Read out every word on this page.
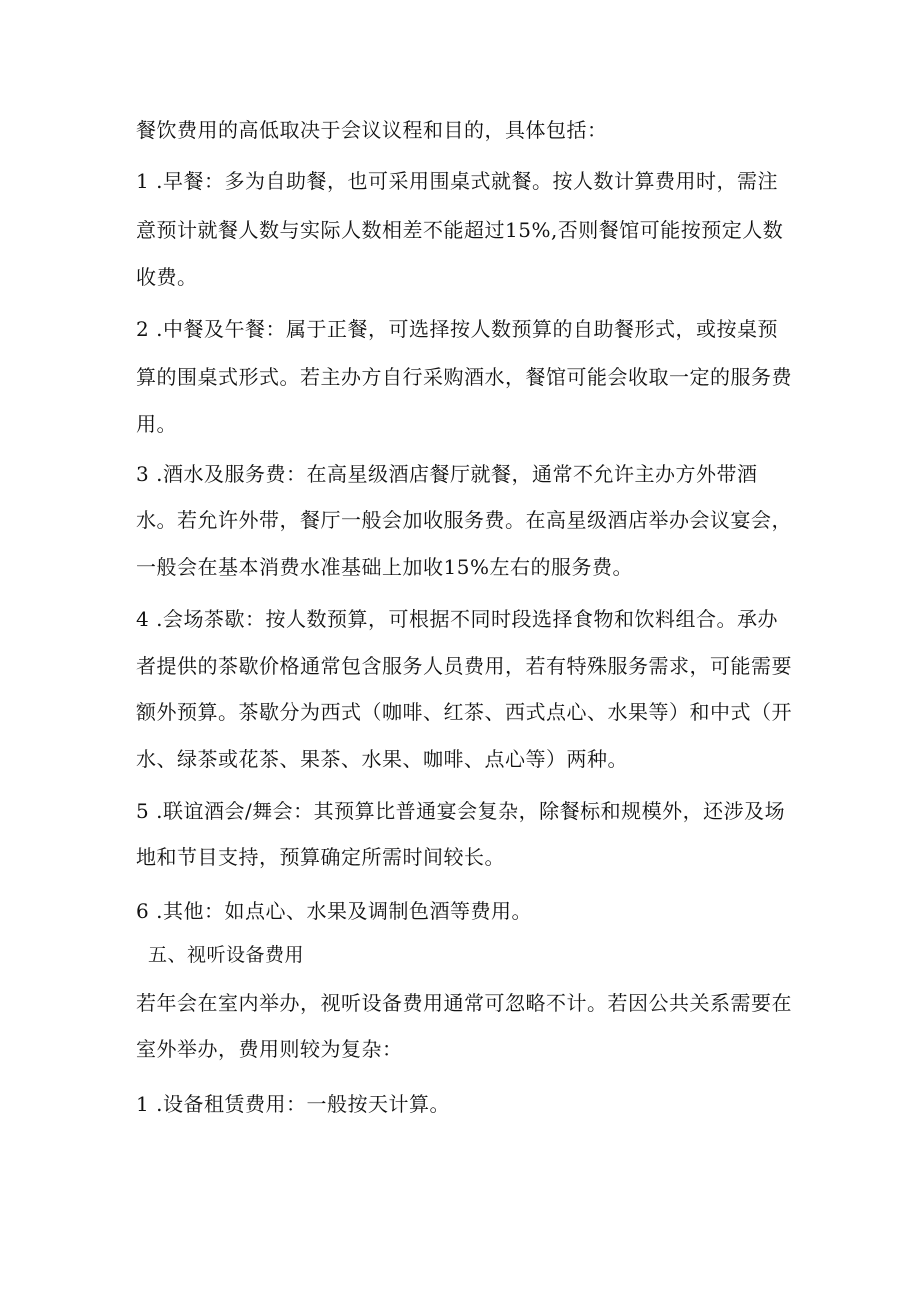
餐饮费用的高低取决于会议议程和目的，具体包括：
1 .早餐：多为自助餐，也可采用围桌式就餐。按人数计算费用时，需注
意预计就餐人数与实际人数相差不能超过15%,否则餐馆可能按预定人数
收费。
2 .中餐及午餐：属于正餐，可选择按人数预算的自助餐形式，或按桌预
算的围桌式形式。若主办方自行采购酒水，餐馆可能会收取一定的服务费
用。
3 .酒水及服务费：在高星级酒店餐厅就餐，通常不允许主办方外带酒
水。若允许外带，餐厅一般会加收服务费。在高星级酒店举办会议宴会，
一般会在基本消费水准基础上加收15%左右的服务费。
4 .会场茶歇：按人数预算，可根据不同时段选择食物和饮料组合。承办
者提供的茶歇价格通常包含服务人员费用，若有特殊服务需求，可能需要
额外预算。茶歇分为西式（咖啡、红茶、西式点心、水果等）和中式（开
水、绿茶或花茶、果茶、水果、咖啡、点心等）两种。
5 .联谊酒会/舞会：其预算比普通宴会复杂，除餐标和规模外，还涉及场
地和节目支持，预算确定所需时间较长。
6 .其他：如点心、水果及调制色酒等费用。
五、视听设备费用
若年会在室内举办，视听设备费用通常可忽略不计。若因公共关系需要在
室外举办，费用则较为复杂：
1 .设备租赁费用：一般按天计算。
